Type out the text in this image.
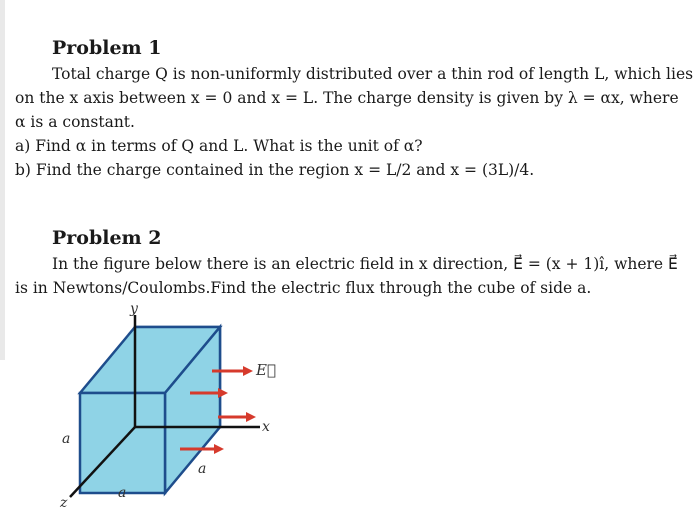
Problem 1
Total charge Q is non-uniformly distributed over a thin rod of length L, which lies
on the x axis between x = 0 and x = L. The charge density is given by λ = αx, where
α is a constant.
a) Find α in terms of Q and L. What is the unit of α?
b) Find the charge contained in the region x = L/2 and x = (3L)/4.
Problem 2
In the figure below there is an electric field in x direction, E⃗ = (x + 1)î, where E⃗
is in Newtons/Coulombs.Find the electric flux through the cube of side a.
y
x
z
E⃗
a
a
a
